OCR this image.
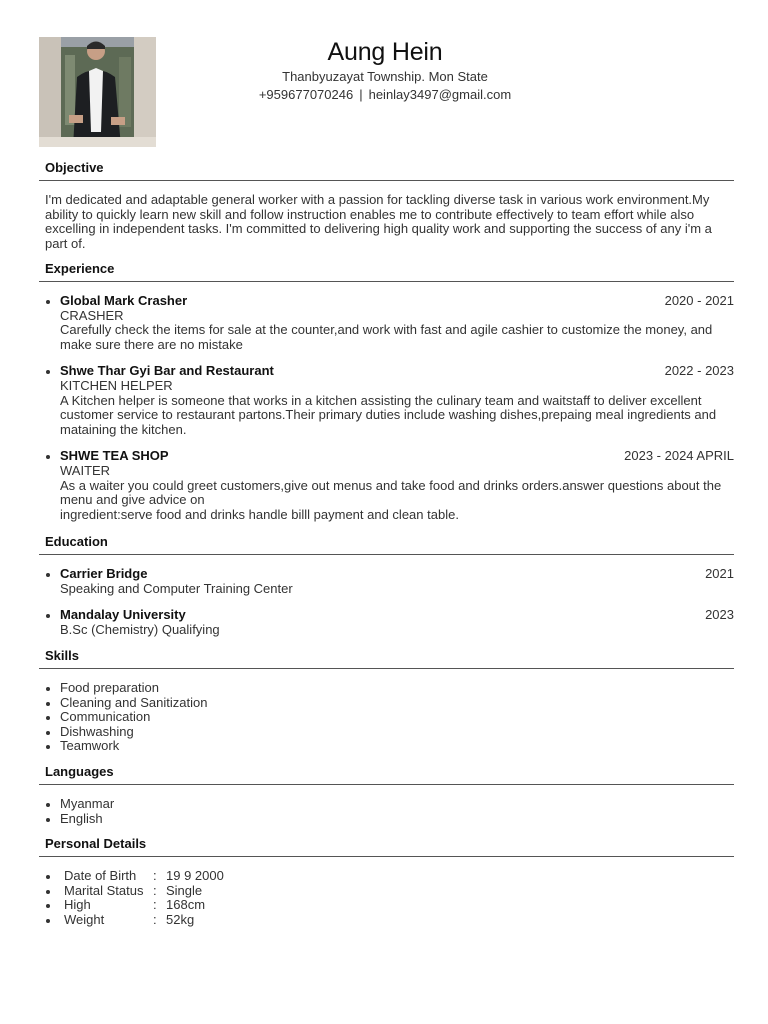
Aung Hein
Thanbyuzayat Township. Mon State
+959677070246 | heinlay3497@gmail.com
Objective
I'm dedicated and adaptable general worker with a passion for tackling diverse task in various work environment.My ability to quickly learn new skill and follow instruction enables me to contribute effectively to team effort while also excelling in independent tasks. I'm committed to delivering high quality work and supporting the success of any i'm a part of.
Experience
Global Mark Crasher	2020 - 2021
CRASHER
Carefully check the items for sale at the counter,and work with fast and agile cashier to customize the money, and make sure there are no mistake
Shwe Thar Gyi Bar and Restaurant	2022 - 2023
KITCHEN HELPER
A Kitchen helper is someone that works in a kitchen assisting the culinary team and waitstaff to deliver excellent customer service to restaurant partons.Their primary duties include washing dishes,prepaing meal ingredients and mataining the kitchen.
SHWE TEA SHOP	2023 - 2024 APRIL
WAITER
As a waiter you could greet customers,give out menus and take food and drinks orders.answer questions about the menu and give advice on
ingredient:serve food and drinks handle billl payment and clean table.
Education
Carrier Bridge	2021
Speaking and Computer Training Center
Mandalay University	2023
B.Sc (Chemistry) Qualifying
Skills
Food preparation
Cleaning and Sanitization
Communication
Dishwashing
Teamwork
Languages
Myanmar
English
Personal Details
Date of Birth : 19 9 2000
Marital Status : Single
High	: 168cm
Weight	: 52kg
